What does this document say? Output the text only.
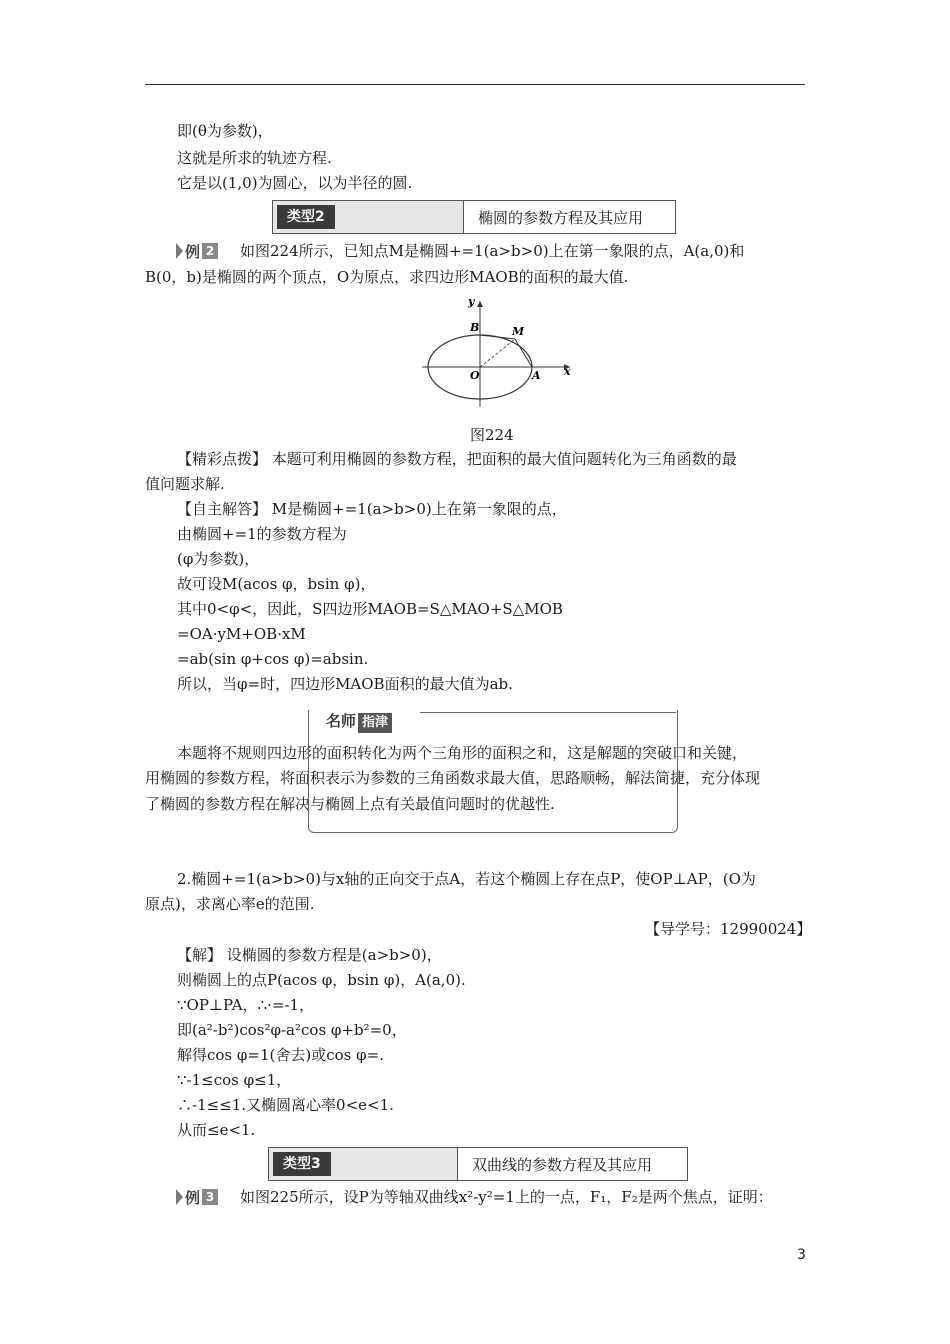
即(θ为参数)，
这就是所求的轨迹方程.
它是以(1,0)为圆心，以为半径的圆.
如图224所示，已知点M是椭圆+=1(a>b>0)上在第一象限的点，A(a,0)和
B(0，b)是椭圆的两个顶点，O为原点，求四边形MAOB的面积的最大值.
【精彩点拨】 本题可利用椭圆的参数方程，把面积的最大值问题转化为三角函数的最
值问题求解.
【自主解答】 M是椭圆+=1(a>b>0)上在第一象限的点，
由椭圆+=1的参数方程为
(φ为参数)，
故可设M(acos φ，bsin φ)，
其中0<φ<，因此，S四边形MAOB=S△MAO+S△MOB
=OA·yM+OB·xM
=ab(sin φ+cos φ)=absin.
所以，当φ=时，四边形MAOB面积的最大值为ab.
本题将不规则四边形的面积转化为两个三角形的面积之和，这是解题的突破口和关键，
用椭圆的参数方程，将面积表示为参数的三角函数求最大值，思路顺畅，解法简捷，充分体现
了椭圆的参数方程在解决与椭圆上点有关最值问题时的优越性.
2.椭圆+=1(a>b>0)与x轴的正向交于点A，若这个椭圆上存在点P，使OP⊥AP，(O为
原点)，求离心率e的范围.
【导学号：12990024】
【解】 设椭圆的参数方程是(a>b>0)，
则椭圆上的点P(acos φ，bsin φ)，A(a,0).
∵OP⊥PA，∴·=-1，
即(a²-b²)cos²φ-a²cos φ+b²=0，
解得cos φ=1(舍去)或cos φ=.
∵-1≤cos φ≤1，
∴-1≤≤1.又椭圆离心率0<e<1.
从而≤e<1.
如图225所示，设P为等轴双曲线x²-y²=1上的一点，F₁，F₂是两个焦点，证明：
类型2	椭圆的参数方程及其应用
例 2
y
x
B	M
O	A
图224
名师 指津
类型3	双曲线的参数方程及其应用
例 3
3
